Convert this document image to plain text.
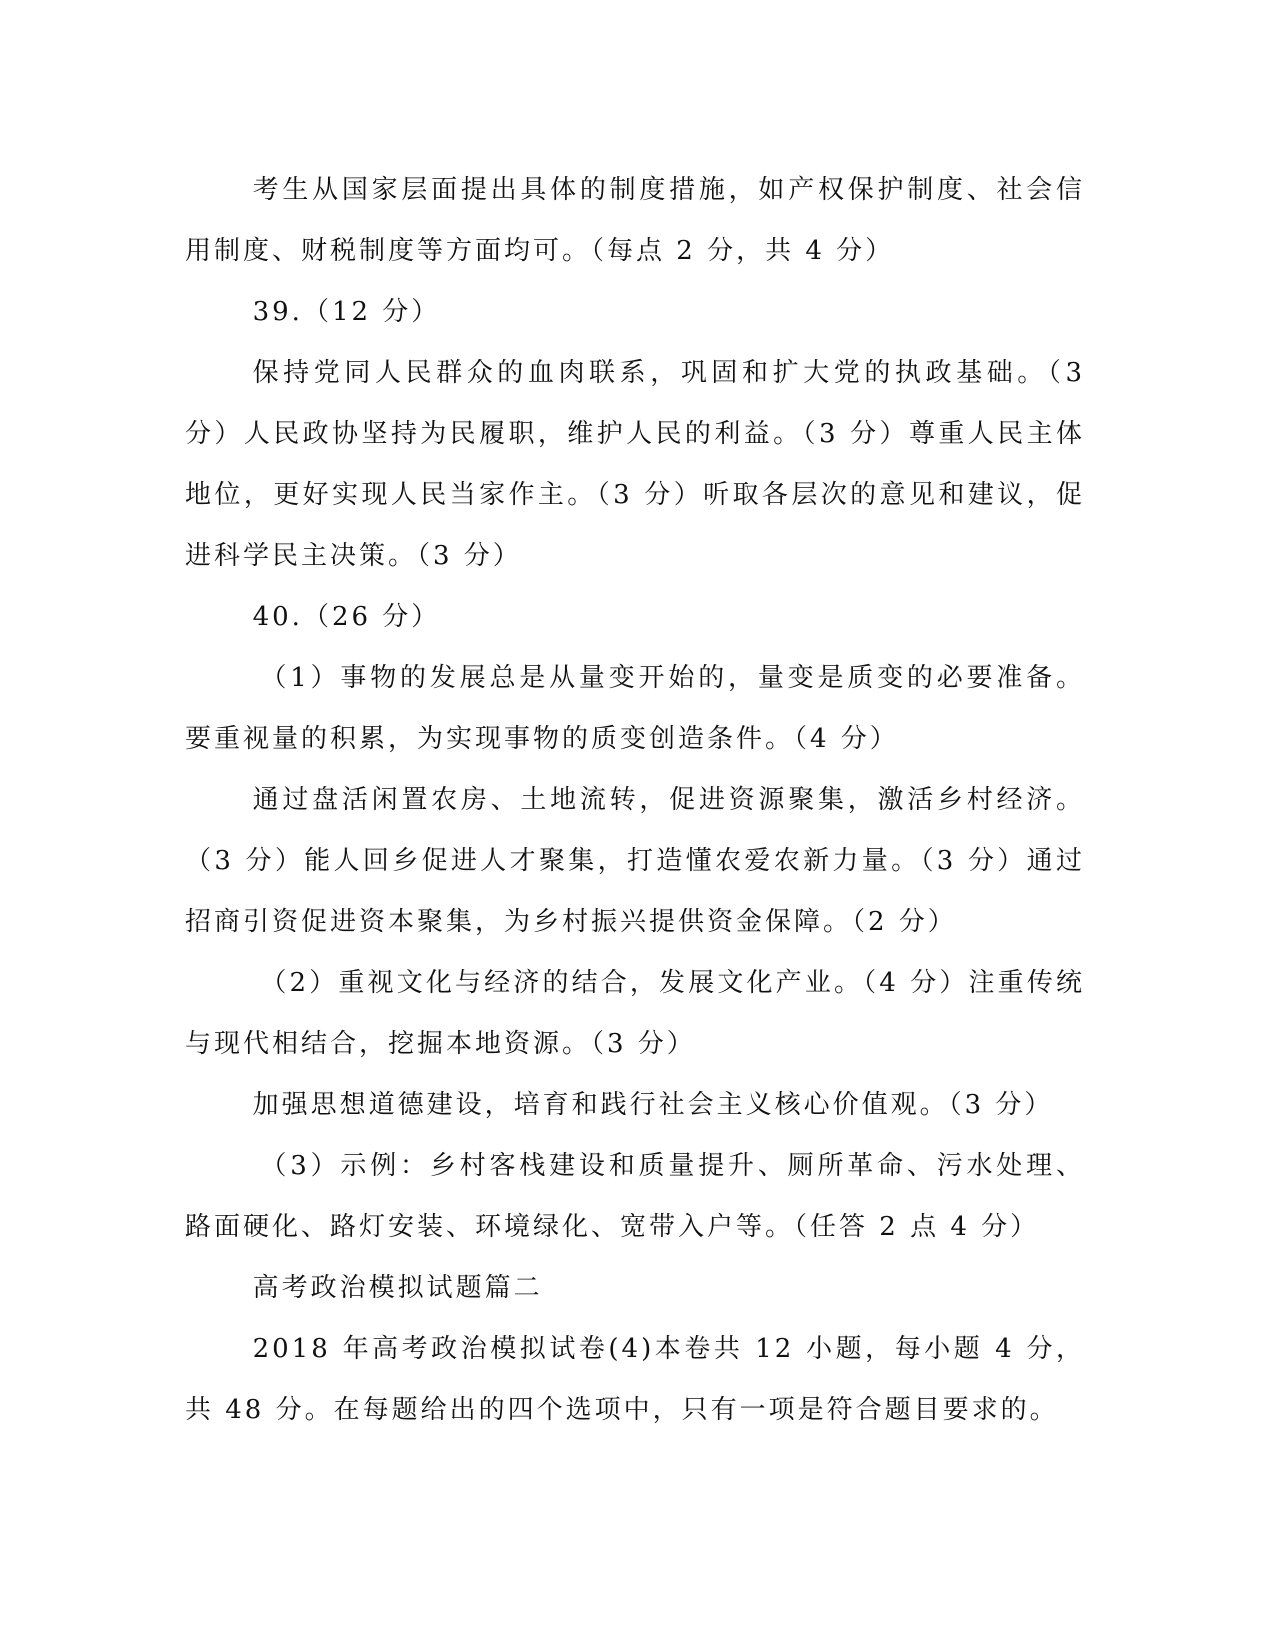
考生从国家层面提出具体的制度措施，如产权保护制度、社会信用制度、财税制度等方面均可。（每点 2 分，共 4 分）

39.（12 分）

保持党同人民群众的血肉联系，巩固和扩大党的执政基础。（3 分）人民政协坚持为民履职，维护人民的利益。（3 分）尊重人民主体地位，更好实现人民当家作主。（3 分）听取各层次的意见和建议，促进科学民主决策。（3 分）

40.（26 分）

（1）事物的发展总是从量变开始的，量变是质变的必要准备。要重视量的积累，为实现事物的质变创造条件。（4 分）

通过盘活闲置农房、土地流转，促进资源聚集，激活乡村经济。（3 分）能人回乡促进人才聚集，打造懂农爱农新力量。（3 分）通过招商引资促进资本聚集，为乡村振兴提供资金保障。（2 分）

（2）重视文化与经济的结合，发展文化产业。（4 分）注重传统与现代相结合，挖掘本地资源。（3 分）

加强思想道德建设，培育和践行社会主义核心价值观。（3 分）

（3）示例：乡村客栈建设和质量提升、厕所革命、污水处理、路面硬化、路灯安装、环境绿化、宽带入户等。（任答 2 点 4 分）

高考政治模拟试题篇二

2018 年高考政治模拟试卷(4)本卷共 12 小题，每小题 4 分，共 48 分。在每题给出的四个选项中，只有一项是符合题目要求的。
